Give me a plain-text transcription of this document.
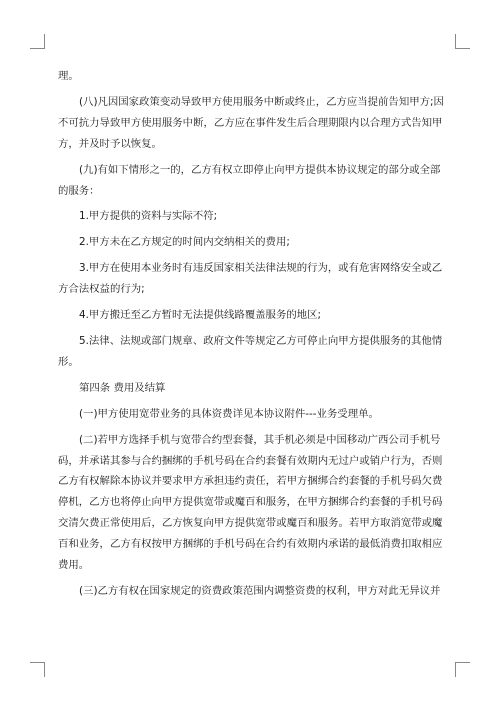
理。
(八)凡因国家政策变动导致甲方使用服务中断或终止，乙方应当提前告知甲方;因
不可抗力导致甲方使用服务中断，乙方应在事件发生后合理期限内以合理方式告知甲
方，并及时予以恢复。
(九)有如下情形之一的，乙方有权立即停止向甲方提供本协议规定的部分或全部
的服务：
1.甲方提供的资料与实际不符;
2.甲方未在乙方规定的时间内交纳相关的费用;
3.甲方在使用本业务时有违反国家相关法律法规的行为，或有危害网络安全或乙
方合法权益的行为;
4.甲方搬迁至乙方暂时无法提供线路覆盖服务的地区;
5.法律、法规或部门规章、政府文件等规定乙方可停止向甲方提供服务的其他情
形。
第四条 费用及结算
(一)甲方使用宽带业务的具体资费详见本协议附件---业务受理单。
(二)若甲方选择手机与宽带合约型套餐，其手机必须是中国移动广西公司手机号
码，并承诺其参与合约捆绑的手机号码在合约套餐有效期内无过户或销户行为，否则
乙方有权解除本协议并要求甲方承担违约责任，若甲方捆绑合约套餐的手机号码欠费
停机，乙方也将停止向甲方提供宽带或魔百和服务，在甲方捆绑合约套餐的手机号码
交清欠费正常使用后，乙方恢复向甲方提供宽带或魔百和服务。若甲方取消宽带或魔
百和业务，乙方有权按甲方捆绑的手机号码在合约有效期内承诺的最低消费扣取相应
费用。
(三)乙方有权在国家规定的资费政策范围内调整资费的权利，甲方对此无异议并
